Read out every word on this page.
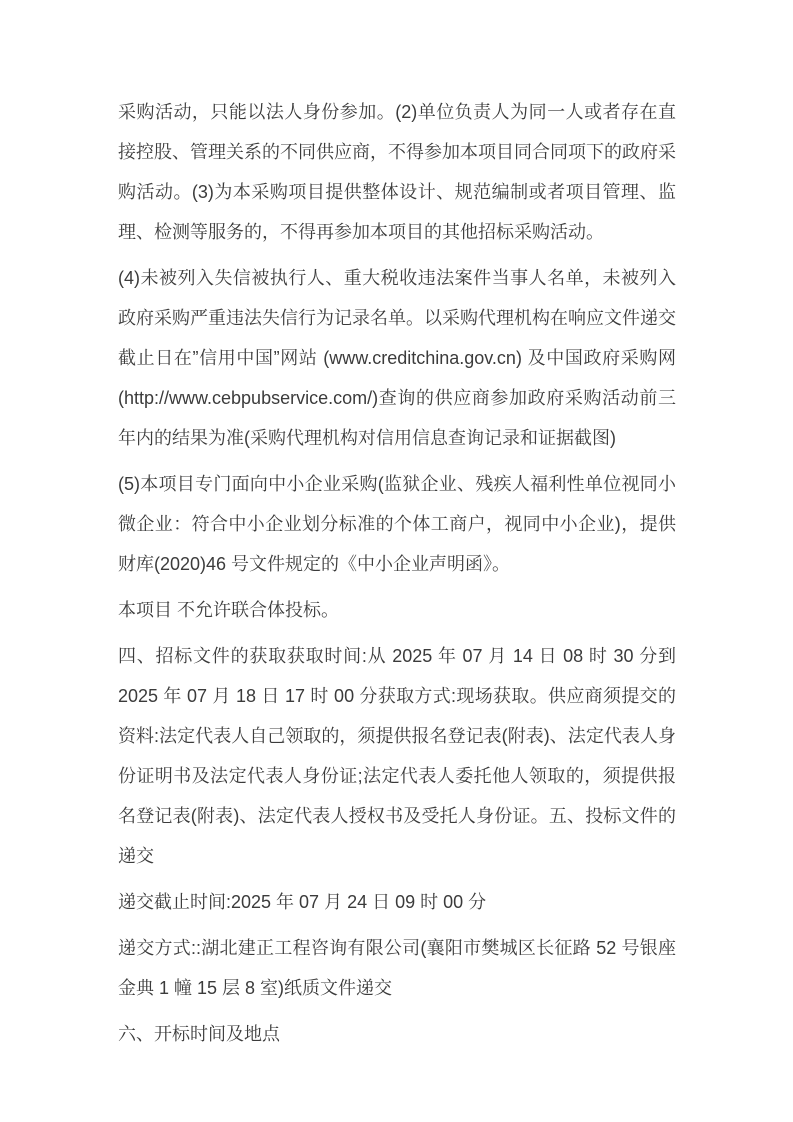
采购活动，只能以法人身份参加。(2)单位负责人为同一人或者存在直接控股、管理关系的不同供应商，不得参加本项目同合同项下的政府采购活动。(3)为本采购项目提供整体设计、规范编制或者项目管理、监理、检测等服务的，不得再参加本项目的其他招标采购活动。

(4)未被列入失信被执行人、重大税收违法案件当事人名单，未被列入政府采购严重违法失信行为记录名单。以采购代理机构在响应文件递交截止日在”信用中国”网站 (www.creditchina.gov.cn) 及中国政府采购网(http://www.cebpubservice.com/)查询的供应商参加政府采购活动前三年内的结果为准(采购代理机构对信用信息查询记录和证据截图)

(5)本项目专门面向中小企业采购(监狱企业、残疾人福利性单位视同小微企业：符合中小企业划分标准的个体工商户，视同中小企业)，提供财库(2020)46 号文件规定的《中小企业声明函》。

本项目 不允许联合体投标。

四、招标文件的获取获取时间:从 2025 年 07 月 14 日 08 时 30 分到 2025 年 07 月 18 日 17 时 00 分获取方式:现场获取。供应商须提交的资料:法定代表人自己领取的，须提供报名登记表(附表)、法定代表人身份证明书及法定代表人身份证;法定代表人委托他人领取的，须提供报名登记表(附表)、法定代表人授权书及受托人身份证。五、投标文件的递交

递交截止时间:2025 年 07 月 24 日 09 时 00 分

递交方式::湖北建正工程咨询有限公司(襄阳市樊城区长征路 52 号银座金典 1 幢 15 层 8 室)纸质文件递交

六、开标时间及地点
